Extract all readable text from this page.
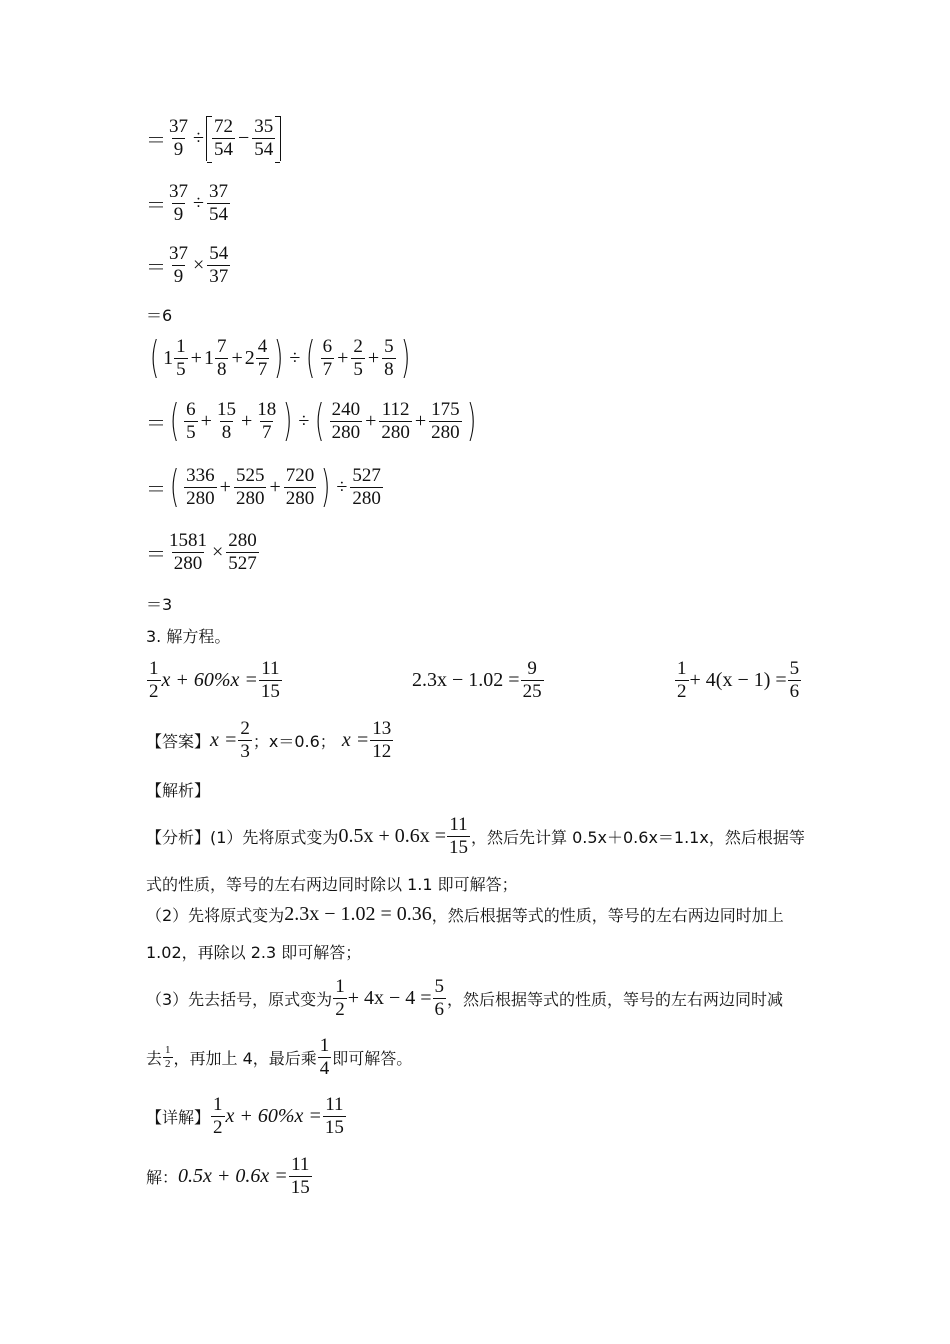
＝ $\frac{37}{9} \div \frac{72}{54} - \frac{35}{54}$
＝ $\frac{37}{9} \div \frac{37}{54}$
＝ $\frac{37}{9} \times \frac{54}{37}$
＝6
( $1 \frac{1}{5} + 1 \frac{7}{8} + 2 \frac{4}{7}$ ) ÷ ( $\frac{6}{7} + \frac{2}{5} + \frac{5}{8}$ )
＝ ( $\frac{6}{5} + \frac{15}{8} + \frac{18}{7}$ ) ÷ ( $\frac{240}{280} + \frac{112}{280} + \frac{175}{280}$ )
＝ ( $\frac{336}{280} + \frac{525}{280} + \frac{720}{280}$ ) ÷ $\frac{527}{280}$
＝ $\frac{1581}{280} \times \frac{280}{527}$
＝3
3. 解方程。
$\frac{1}{2}$ $x + 60\%x = \frac{11}{15}$	$2.3x - 1.02 = \frac{9}{25}$	$\frac{1}{2} + 4(x - 1) = \frac{5}{6}$
【答案】 $x = \frac{2}{3}$ ；x＝0.6； $x = \frac{13}{12}$
【解析】
【分析】(1）先将原式变为 $0.5x + 0.6x = \frac{11}{15}$ ，然后先计算 0.5x＋0.6x＝1.1x，然后根据等
式的性质，等号的左右两边同时除以 1.1 即可解答；
（2）先将原式变为 2.3x − 1.02 = 0.36 ，然后根据等式的性质，等号的左右两边同时加上
1.02，再除以 2.3 即可解答；
（3）先去括号，原式变为 $\frac{1}{2} + 4x - 4 = \frac{5}{6}$ ，然后根据等式的性质，等号的左右两边同时减
去 $\frac{1}{2}$ ，再加上 4，最后乘 $\frac{1}{4}$ 即可解答。
【详解】 $\frac{1}{2}$ $x + 60\%x = \frac{11}{15}$
解： $0.5x + 0.6x = \frac{11}{15}$
